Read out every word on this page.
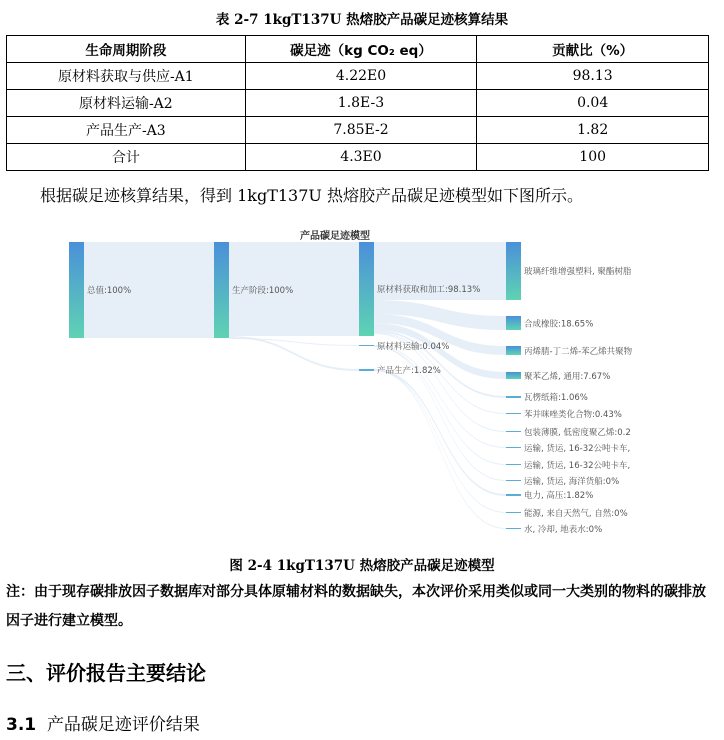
表 2-7 1kgT137U 热熔胶产品碳足迹核算结果
生命周期阶段	碳足迹（kg CO₂ eq）	贡献比（%）
原材料获取与供应-A1	4.22E0	98.13
原材料运输-A2	1.8E-3	0.04
产品生产-A3	7.85E-2	1.82
合计	4.3E0	100
根据碳足迹核算结果，得到 1kgT137U 热熔胶产品碳足迹模型如下图所示。
产品碳足迹模型
总值:100%	生产阶段:100%	原材料获取和加工:98.13%
原材料运输:0.04%
产品生产:1.82%
玻璃纤维增强塑料, 聚酯树脂
合成橡胶:18.65%
丙烯腈-丁二烯-苯乙烯共聚物
聚苯乙烯, 通用:7.67%
瓦楞纸箱:1.06%
苯并咪唑类化合物:0.43%
包装薄膜, 低密度聚乙烯:0.2
运输, 货运, 16-32公吨卡车,
运输, 货运, 16-32公吨卡车,
运输, 货运, 海洋货船:0%
电力, 高压:1.82%
能源, 来自天然气, 自然:0%
水, 冷却, 地表水:0%
图 2-4 1kgT137U 热熔胶产品碳足迹模型
注：由于现存碳排放因子数据库对部分具体原辅材料的数据缺失，本次评价采用类似或同一大类别的物料的碳排放因子进行建立模型。
三、评价报告主要结论
3.1 产品碳足迹评价结果
